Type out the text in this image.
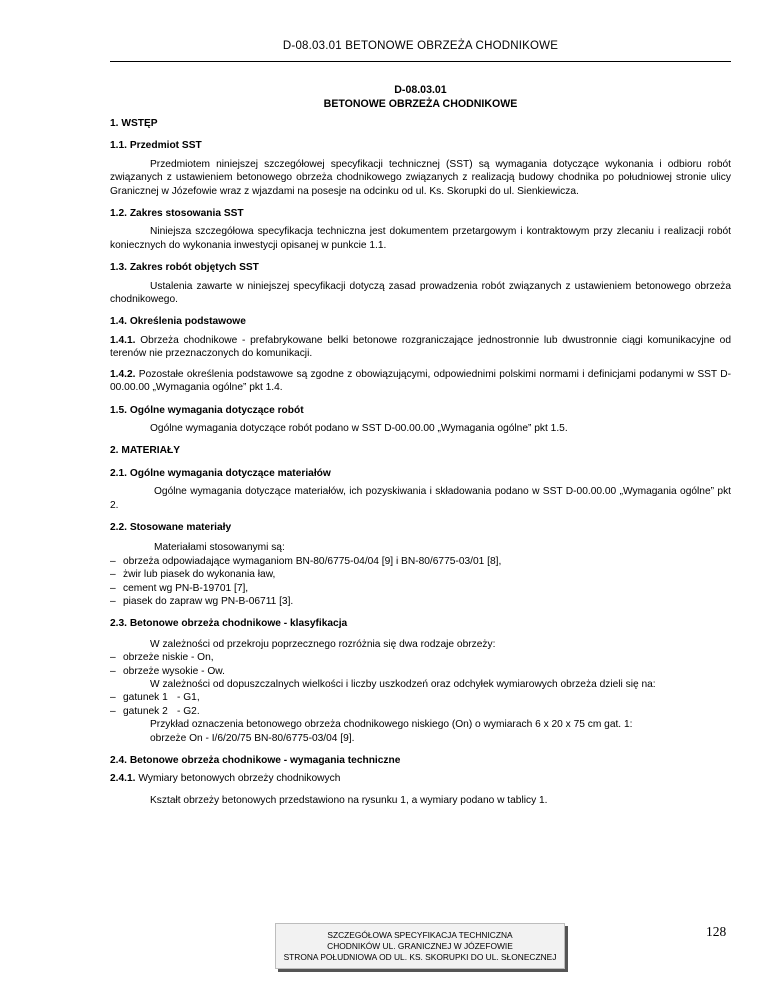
D-08.03.01 BETONOWE OBRZEŻA CHODNIKOWE
D-08.03.01
BETONOWE OBRZEŻA CHODNIKOWE
1. WSTĘP
1.1. Przedmiot SST
Przedmiotem niniejszej szczegółowej specyfikacji technicznej (SST) są wymagania dotyczące wykonania i odbioru robót związanych z ustawieniem betonowego obrzeża chodnikowego związanych z realizacją budowy chodnika po południowej stronie ulicy Granicznej w Józefowie wraz z wjazdami na posesje na odcinku od ul. Ks. Skorupki do ul. Sienkiewicza.
1.2. Zakres stosowania SST
Niniejsza szczegółowa specyfikacja techniczna jest dokumentem przetargowym i kontraktowym przy zlecaniu i realizacji robót koniecznych do wykonania inwestycji opisanej w punkcie 1.1.
1.3. Zakres robót objętych SST
Ustalenia zawarte w niniejszej specyfikacji dotyczą zasad prowadzenia robót związanych z ustawieniem betonowego obrzeża chodnikowego.
1.4. Określenia podstawowe
1.4.1. Obrzeża chodnikowe - prefabrykowane belki betonowe rozgraniczające jednostronnie lub dwustronnie ciągi komunikacyjne od terenów nie przeznaczonych do komunikacji.
1.4.2. Pozostałe określenia podstawowe są zgodne z obowiązującymi, odpowiednimi polskimi normami i definicjami podanymi w SST D-00.00.00 „Wymagania ogólne” pkt 1.4.
1.5. Ogólne wymagania dotyczące robót
Ogólne wymagania dotyczące robót podano w SST D-00.00.00 „Wymagania ogólne” pkt 1.5.
2. MATERIAŁY
2.1. Ogólne wymagania dotyczące materiałów
Ogólne wymagania dotyczące materiałów, ich pozyskiwania i składowania podano w SST D-00.00.00 „Wymagania ogólne” pkt 2.
2.2. Stosowane materiały
Materiałami stosowanymi są:
– obrzeża odpowiadające wymaganiom BN-80/6775-04/04 [9] i BN-80/6775-03/01 [8],
– żwir lub piasek do wykonania ław,
– cement wg PN-B-19701 [7],
– piasek do zapraw wg PN-B-06711 [3].
2.3. Betonowe obrzeża chodnikowe - klasyfikacja
W zależności od przekroju poprzecznego rozróżnia się dwa rodzaje obrzeży:
– obrzeże niskie - On,
– obrzeże wysokie - Ow.
W zależności od dopuszczalnych wielkości i liczby uszkodzeń oraz odchyłek wymiarowych obrzeża dzieli się na:
– gatunek 1 - G1,
– gatunek 2 - G2.
Przykład oznaczenia betonowego obrzeża chodnikowego niskiego (On) o wymiarach 6 x 20 x 75 cm gat. 1:
obrzeże On - I/6/20/75 BN-80/6775-03/04 [9].
2.4. Betonowe obrzeża chodnikowe - wymagania techniczne
2.4.1. Wymiary betonowych obrzeży chodnikowych
Kształt obrzeży betonowych przedstawiono na rysunku 1, a wymiary podano w tablicy 1.
SZCZEGÓŁOWA SPECYFIKACJA TECHNICZNA
CHODNIKÓW UL. GRANICZNEJ W JÓZEFOWIE
STRONA POŁUDNIOWA OD UL. KS. SKORUPKI DO UL. SŁONECZNEJ
128
